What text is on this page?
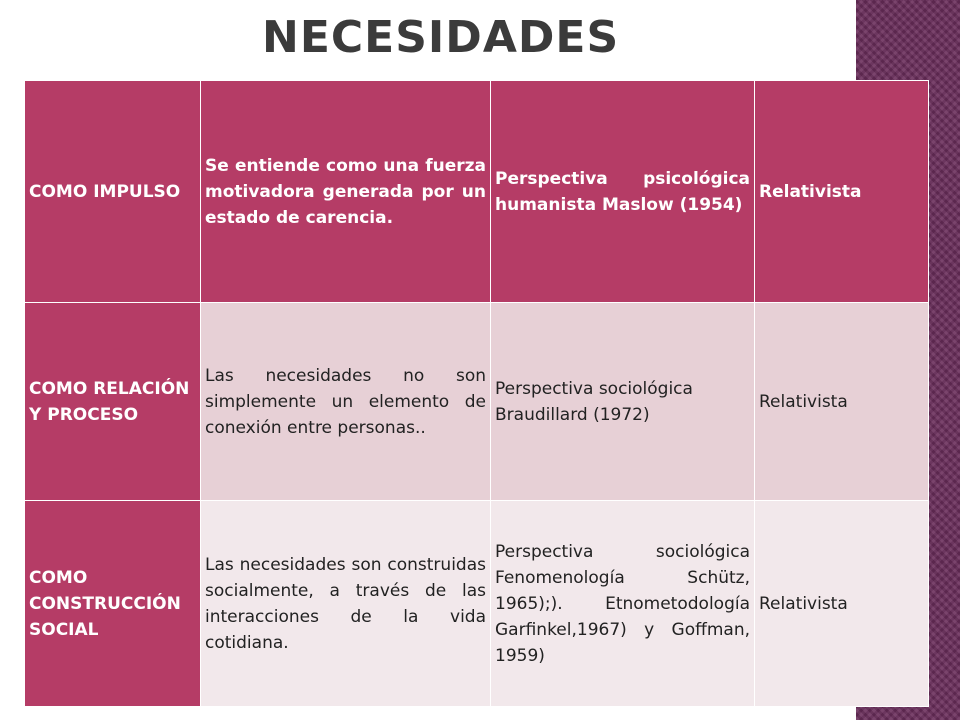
NECESIDADES
COMO IMPULSO	Se entiende como una fuerza motivadora generada por un estado de carencia.	Perspectiva psicológica humanista Maslow (1954)	Relativista
COMO RELACIÓN Y PROCESO	Las necesidades no son simplemente un elemento de conexión entre personas..	Perspectiva sociológica Braudillard (1972)	Relativista
COMO CONSTRUCCIÓN SOCIAL	Las necesidades son construidas socialmente, a través de las interacciones de la vida cotidiana.	Perspectiva sociológica Fenomenología Schütz, 1965);). Etnometodología Garfinkel,1967) y Goffman, 1959)	Relativista
